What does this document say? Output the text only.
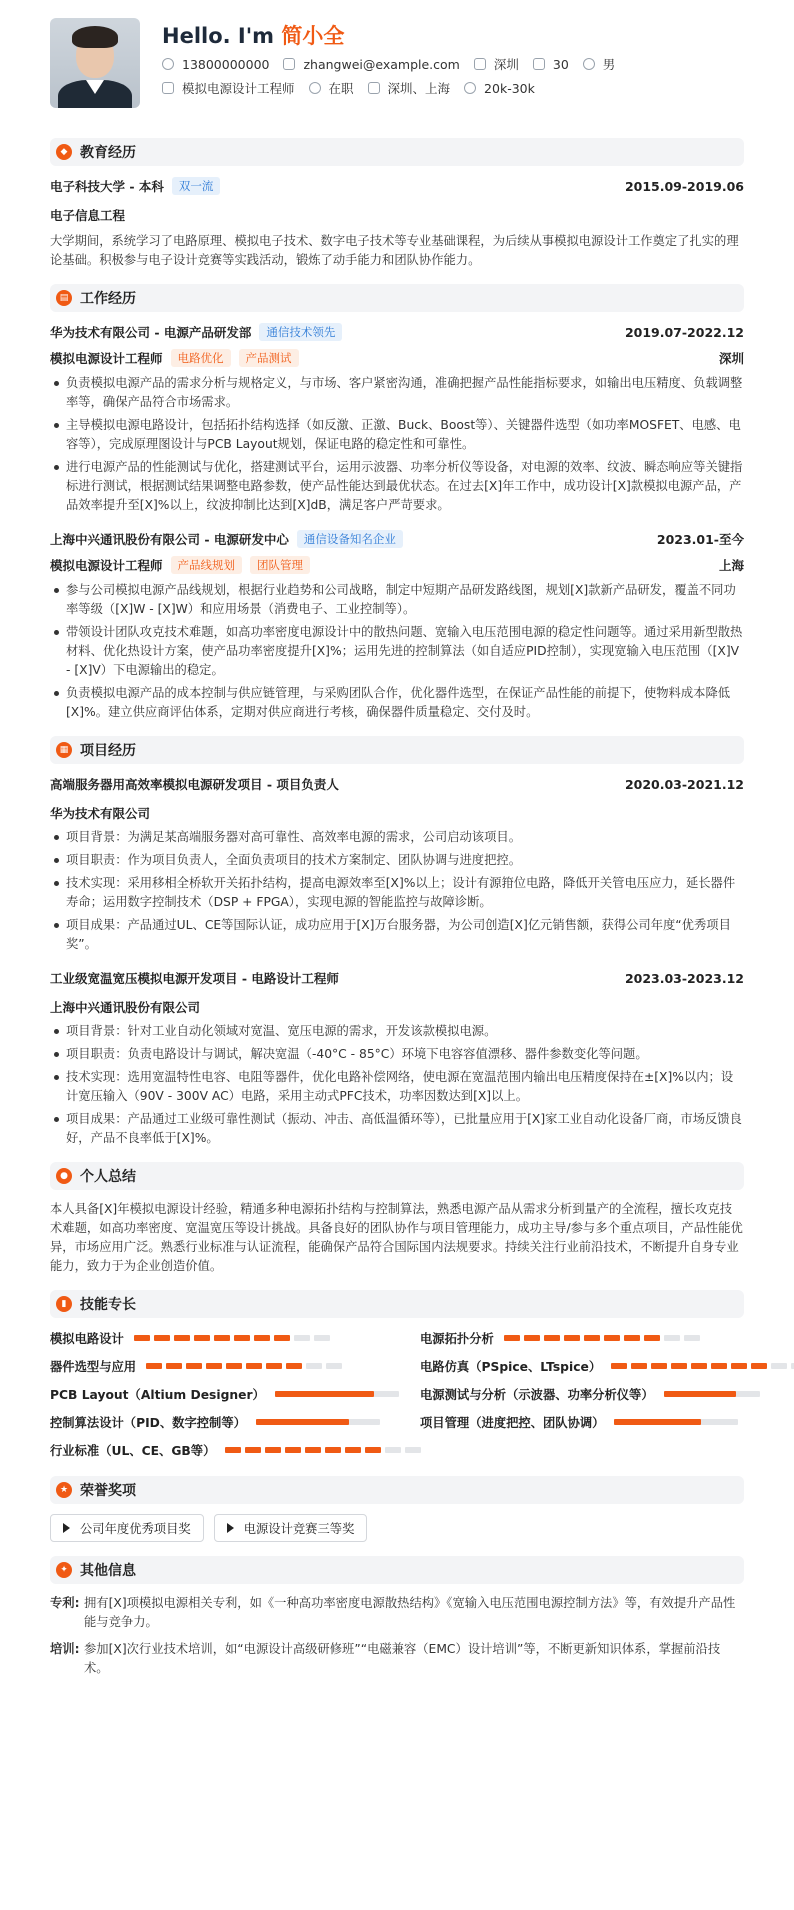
Hello. I'm 简小全
13800000000	zhangwei@example.com	深圳	30	男
模拟电源设计工程师	在职	深圳、上海	20k-30k
◆ 教育经历
电子科技大学 - 本科	双一流	2015.09-2019.06
电子信息工程
大学期间，系统学习了电路原理、模拟电子技术、数字电子技术等专业基础课程，为后续从事模拟电源设计工作奠定了扎实的理论基础。积极参与电子设计竞赛等实践活动，锻炼了动手能力和团队协作能力。
▤ 工作经历
华为技术有限公司 - 电源产品研发部	通信技术领先	2019.07-2022.12
模拟电源设计工程师	电路优化	产品测试	深圳
负责模拟电源产品的需求分析与规格定义，与市场、客户紧密沟通，准确把握产品性能指标要求，如输出电压精度、负载调整率等，确保产品符合市场需求。
主导模拟电源电路设计，包括拓扑结构选择（如反激、正激、Buck、Boost等）、关键器件选型（如功率MOSFET、电感、电容等），完成原理图设计与PCB Layout规划，保证电路的稳定性和可靠性。
进行电源产品的性能测试与优化，搭建测试平台，运用示波器、功率分析仪等设备，对电源的效率、纹波、瞬态响应等关键指标进行测试，根据测试结果调整电路参数，使产品性能达到最优状态。在过去[X]年工作中，成功设计[X]款模拟电源产品，产品效率提升至[X]%以上，纹波抑制比达到[X]dB，满足客户严苛要求。
上海中兴通讯股份有限公司 - 电源研发中心	通信设备知名企业	2023.01-至今
模拟电源设计工程师	产品线规划	团队管理	上海
参与公司模拟电源产品线规划，根据行业趋势和公司战略，制定中短期产品研发路线图，规划[X]款新产品研发，覆盖不同功率等级（[X]W - [X]W）和应用场景（消费电子、工业控制等）。
带领设计团队攻克技术难题，如高功率密度电源设计中的散热问题、宽输入电压范围电源的稳定性问题等。通过采用新型散热材料、优化热设计方案，使产品功率密度提升[X]%；运用先进的控制算法（如自适应PID控制），实现宽输入电压范围（[X]V - [X]V）下电源输出的稳定。
负责模拟电源产品的成本控制与供应链管理，与采购团队合作，优化器件选型，在保证产品性能的前提下，使物料成本降低[X]%。建立供应商评估体系，定期对供应商进行考核，确保器件质量稳定、交付及时。
▦ 项目经历
高端服务器用高效率模拟电源研发项目 - 项目负责人	2020.03-2021.12
华为技术有限公司
项目背景：为满足某高端服务器对高可靠性、高效率电源的需求，公司启动该项目。
项目职责：作为项目负责人，全面负责项目的技术方案制定、团队协调与进度把控。
技术实现：采用移相全桥软开关拓扑结构，提高电源效率至[X]%以上；设计有源箝位电路，降低开关管电压应力，延长器件寿命；运用数字控制技术（DSP + FPGA），实现电源的智能监控与故障诊断。
项目成果：产品通过UL、CE等国际认证，成功应用于[X]万台服务器，为公司创造[X]亿元销售额，获得公司年度“优秀项目奖”。
工业级宽温宽压模拟电源开发项目 - 电路设计工程师	2023.03-2023.12
上海中兴通讯股份有限公司
项目背景：针对工业自动化领域对宽温、宽压电源的需求，开发该款模拟电源。
项目职责：负责电路设计与调试，解决宽温（-40°C - 85°C）环境下电容容值漂移、器件参数变化等问题。
技术实现：选用宽温特性电容、电阻等器件，优化电路补偿网络，使电源在宽温范围内输出电压精度保持在±[X]%以内；设计宽压输入（90V - 300V AC）电路，采用主动式PFC技术，功率因数达到[X]以上。
项目成果：产品通过工业级可靠性测试（振动、冲击、高低温循环等），已批量应用于[X]家工业自动化设备厂商，市场反馈良好，产品不良率低于[X]%。
● 个人总结
本人具备[X]年模拟电源设计经验，精通多种电源拓扑结构与控制算法，熟悉电源产品从需求分析到量产的全流程，擅长攻克技术难题，如高功率密度、宽温宽压等设计挑战。具备良好的团队协作与项目管理能力，成功主导/参与多个重点项目，产品性能优异，市场应用广泛。熟悉行业标准与认证流程，能确保产品符合国际国内法规要求。持续关注行业前沿技术，不断提升自身专业能力，致力于为企业创造价值。
▮ 技能专长
模拟电路设计	电源拓扑分析
器件选型与应用	电路仿真（PSpice、LTspice）
PCB Layout（Altium Designer）	电源测试与分析（示波器、功率分析仪等）
控制算法设计（PID、数字控制等）	项目管理（进度把控、团队协调）
行业标准（UL、CE、GB等）
★ 荣誉奖项
公司年度优秀项目奖	电源设计竞赛三等奖
✦ 其他信息
专利: 拥有[X]项模拟电源相关专利，如《一种高功率密度电源散热结构》《宽输入电压范围电源控制方法》等，有效提升产品性能与竞争力。
培训: 参加[X]次行业技术培训，如“电源设计高级研修班”“电磁兼容（EMC）设计培训”等，不断更新知识体系，掌握前沿技术。
